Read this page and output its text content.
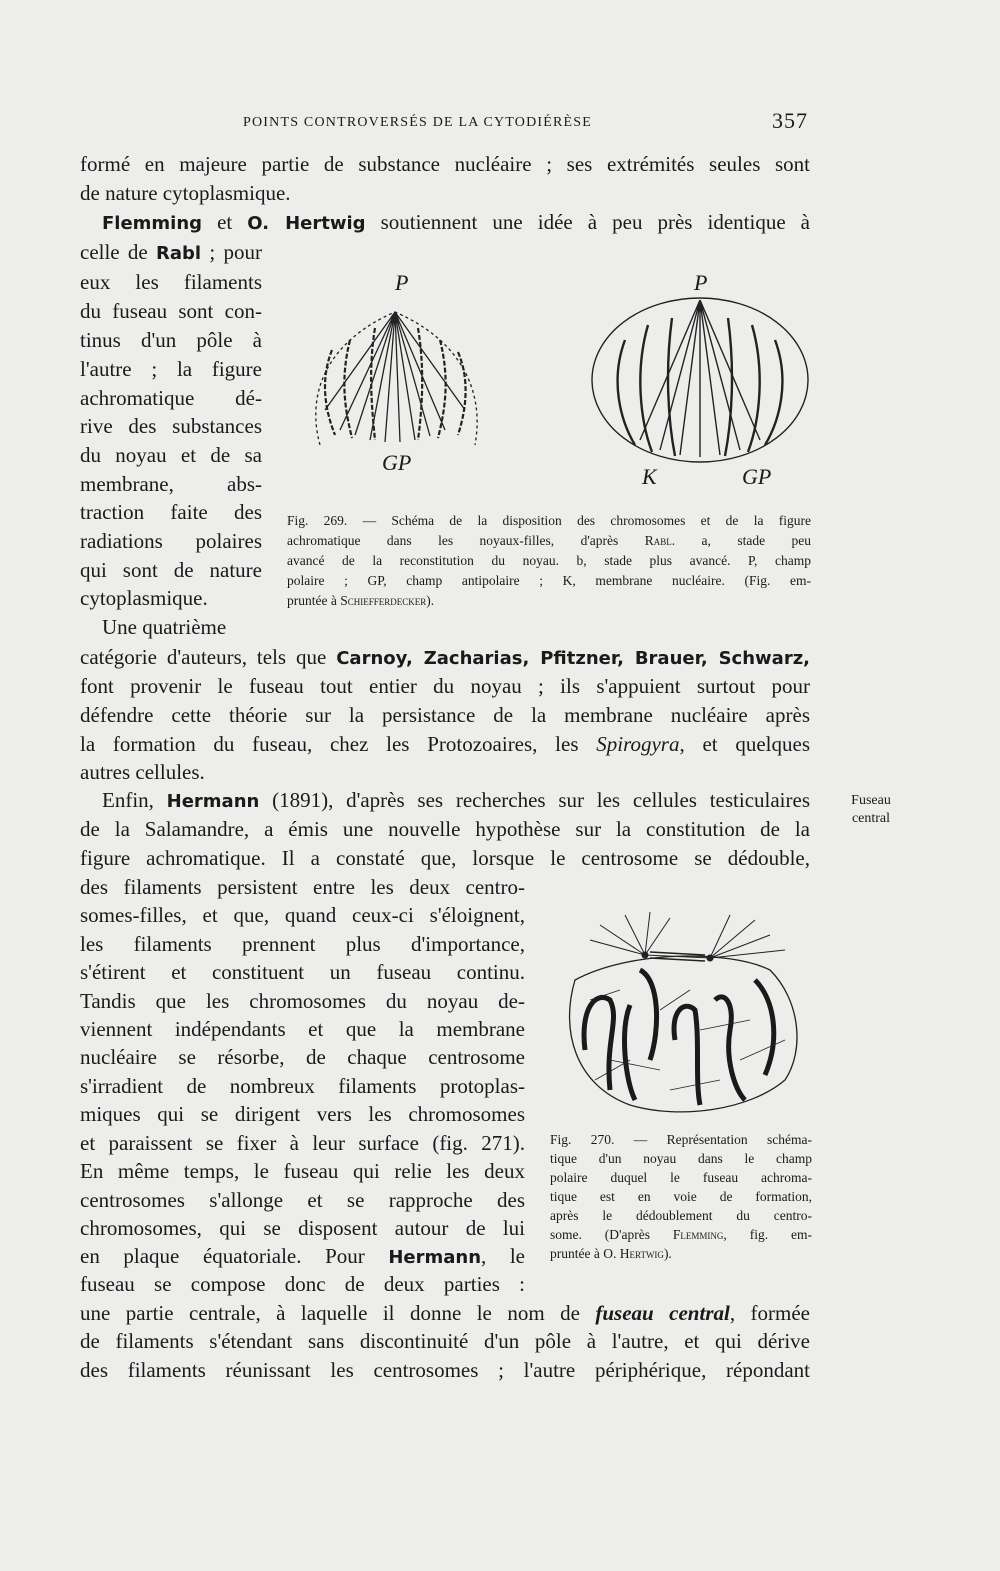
POINTS CONTROVERSÉS DE LA CYTODIÉRÈSE	357
formé en majeure partie de substance nucléaire ; ses extrémités seules sont
de nature cytoplasmique.
Flemming et O. Hertwig soutiennent une idée à peu près identique à
celle de Rabl ; pour
eux les filaments
du fuseau sont con-
tinus d'un pôle à
l'autre ; la figure
achromatique dé-
rive des substances
du noyau et de sa
membrane, abs-
traction faite des
radiations polaires
qui sont de nature
cytoplasmique.
P
GP
P
K	GP
Fig. 269. — Schéma de la disposition des chromosomes et de la figure
achromatique dans les noyaux-filles, d'après Rabl. a, stade peu
avancé de la reconstitution du noyau. b, stade plus avancé. P, champ
polaire ; GP, champ antipolaire ; K, membrane nucléaire. (Fig. em-
pruntée à Schiefferdecker).
Une quatrième
catégorie d'auteurs, tels que Carnoy, Zacharias, Pfitzner, Brauer, Schwarz,
font provenir le fuseau tout entier du noyau ; ils s'appuient surtout pour
défendre cette théorie sur la persistance de la membrane nucléaire après
la formation du fuseau, chez les Protozoaires, les Spirogyra, et quelques
autres cellules.
Enfin, Hermann (1891), d'après ses recherches sur les cellules testiculaires
de la Salamandre, a émis une nouvelle hypothèse sur la constitution de la
figure achromatique. Il a constaté que, lorsque le centrosome se dédouble,
des filaments persistent entre les deux centro-
somes-filles, et que, quand ceux-ci s'éloignent,
les filaments prennent plus d'importance,
s'étirent et constituent un fuseau continu.
Tandis que les chromosomes du noyau de-
viennent indépendants et que la membrane
nucléaire se résorbe, de chaque centrosome
s'irradient de nombreux filaments protoplas-
miques qui se dirigent vers les chromosomes
et paraissent se fixer à leur surface (fig. 271).
En même temps, le fuseau qui relie les deux
centrosomes s'allonge et se rapproche des
chromosomes, qui se disposent autour de lui
en plaque équatoriale. Pour Hermann, le
fuseau se compose donc de deux parties :
une partie centrale, à laquelle il donne le nom de fuseau central, formée
de filaments s'étendant sans discontinuité d'un pôle à l'autre, et qui dérive
des filaments réunissant les centrosomes ; l'autre périphérique, répondant
Fig. 270. — Représentation schéma-
tique d'un noyau dans le champ
polaire duquel le fuseau achroma-
tique est en voie de formation,
après le dédoublement du centro-
some. (D'après Flemming, fig. em-
pruntée à O. Hertwig).
Fuseau
central
